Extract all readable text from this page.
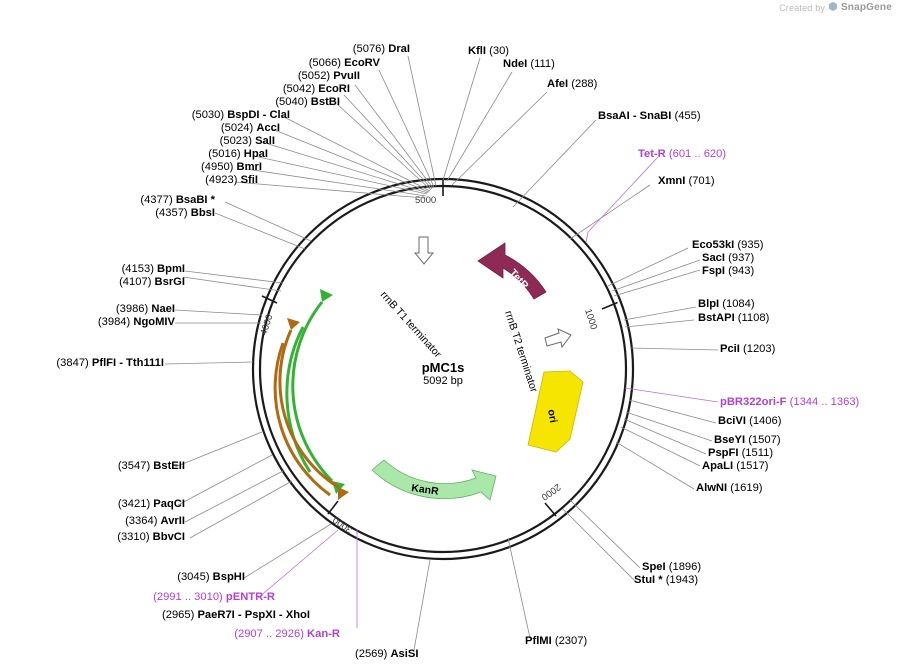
Created by ⬢ SnapGene
5000
1000
2000
3000
4000
TetR
ori
KanR
rrnB T1 terminator	rrnB T2 terminator
pMC1s
5092 bp
(5076) DraI
(5066) EcoRV
(5052) PvuII
(5042) EcoRI
(5040) BstBI
(5030) BspDI - ClaI
(5024) AccI
(5023) SalI
(5016) HpaI
(4950) BmrI
(4923) SfiI
(4377) BsaBI *
(4357) BbsI
(4153) BpmI
(4107) BsrGI
(3986) NaeI
(3984) NgoMIV
(3847) PflFI - Tth111I
(3547) BstEII
(3421) PaqCI
(3364) AvrII
(3310) BbvCI
(3045) BspHI
(2991 .. 3010) pENTR-R
(2965) PaeR7I - PspXI - XhoI
(2907 .. 2926) Kan-R
KflI (30)
NdeI (111)
AfeI (288)
BsaAI - SnaBI (455)
Tet-R (601 .. 620)
XmnI (701)
Eco53kI (935)
SacI (937)
FspI (943)
BlpI (1084)
BstAPI (1108)
PciI (1203)
pBR322ori-F (1344 .. 1363)
BciVI (1406)
BseYI (1507)
PspFI (1511)
ApaLI (1517)
AlwNI (1619)
SpeI (1896)
StuI * (1943)
PflMI (2307)
(2569) AsiSI
